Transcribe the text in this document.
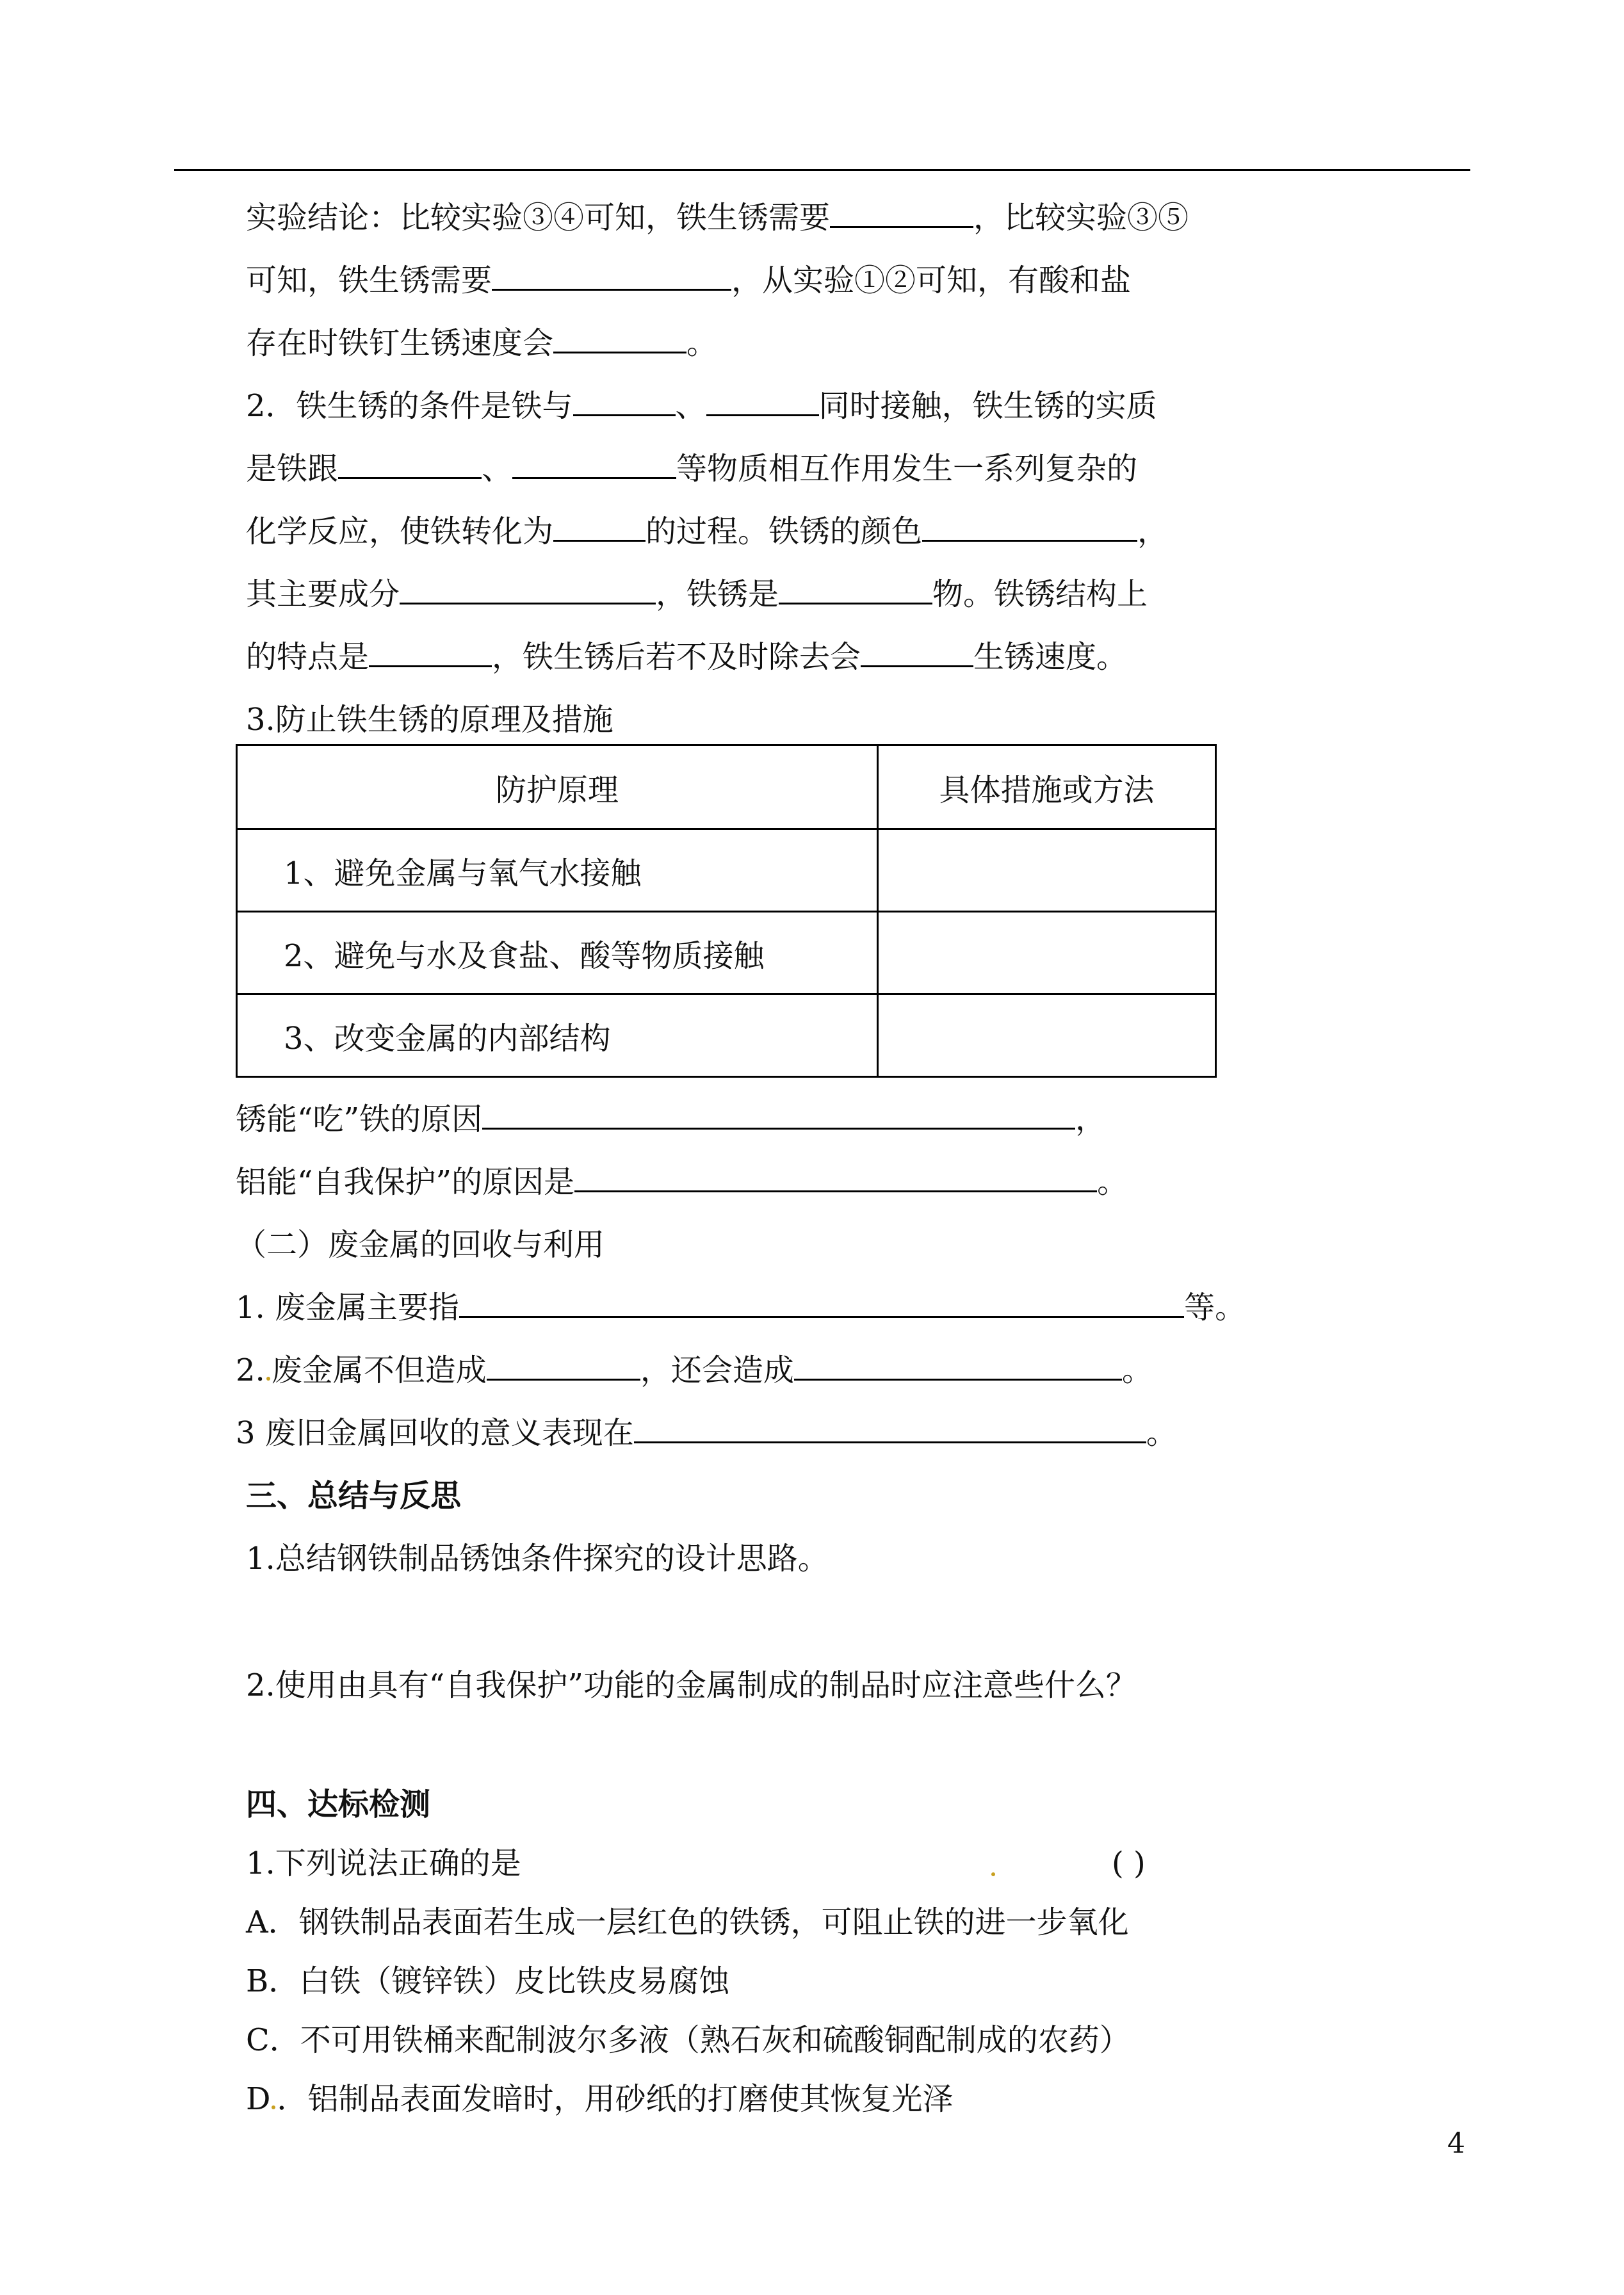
实验结论：比较实验③④可知，铁生锈需要	，比较实验③⑤
可知，铁生锈需要	，从实验①②可知，有酸和盐
存在时铁钉生锈速度会	。
2．铁生锈的条件是铁与	、	同时接触，铁生锈的实质
是铁跟	、	等物质相互作用发生一系列复杂的
化学反应，使铁转化为	的过程。铁锈的颜色	，
其主要成分	，铁锈是	物。铁锈结构上
的特点是	，铁生锈后若不及时除去会	生锈速度。
3.防止铁生锈的原理及措施
防护原理	具体措施或方法
1、避免金属与氧气水接触	
2、避免与水及食盐、酸等物质接触	
3、改变金属的内部结构	
锈能“吃”铁的原因	，
铝能“自我保护”的原因是	。
（二）废金属的回收与利用
1. 废金属主要指	等。
2. 废金属不但造成	，还会造成	。
3 废旧金属回收的意义表现在	。
三、总结与反思
1.总结钢铁制品锈蚀条件探究的设计思路。
2.使用由具有“自我保护”功能的金属制成的制品时应注意些什么？
四、达标检测
1.下列说法正确的是	( )
A．钢铁制品表面若生成一层红色的铁锈，可阻止铁的进一步氧化
B．白铁（镀锌铁）皮比铁皮易腐蚀
C．不可用铁桶来配制波尔多液（熟石灰和硫酸铜配制成的农药）
D ．铝制品表面发暗时，用砂纸的打磨使其恢复光泽
4
